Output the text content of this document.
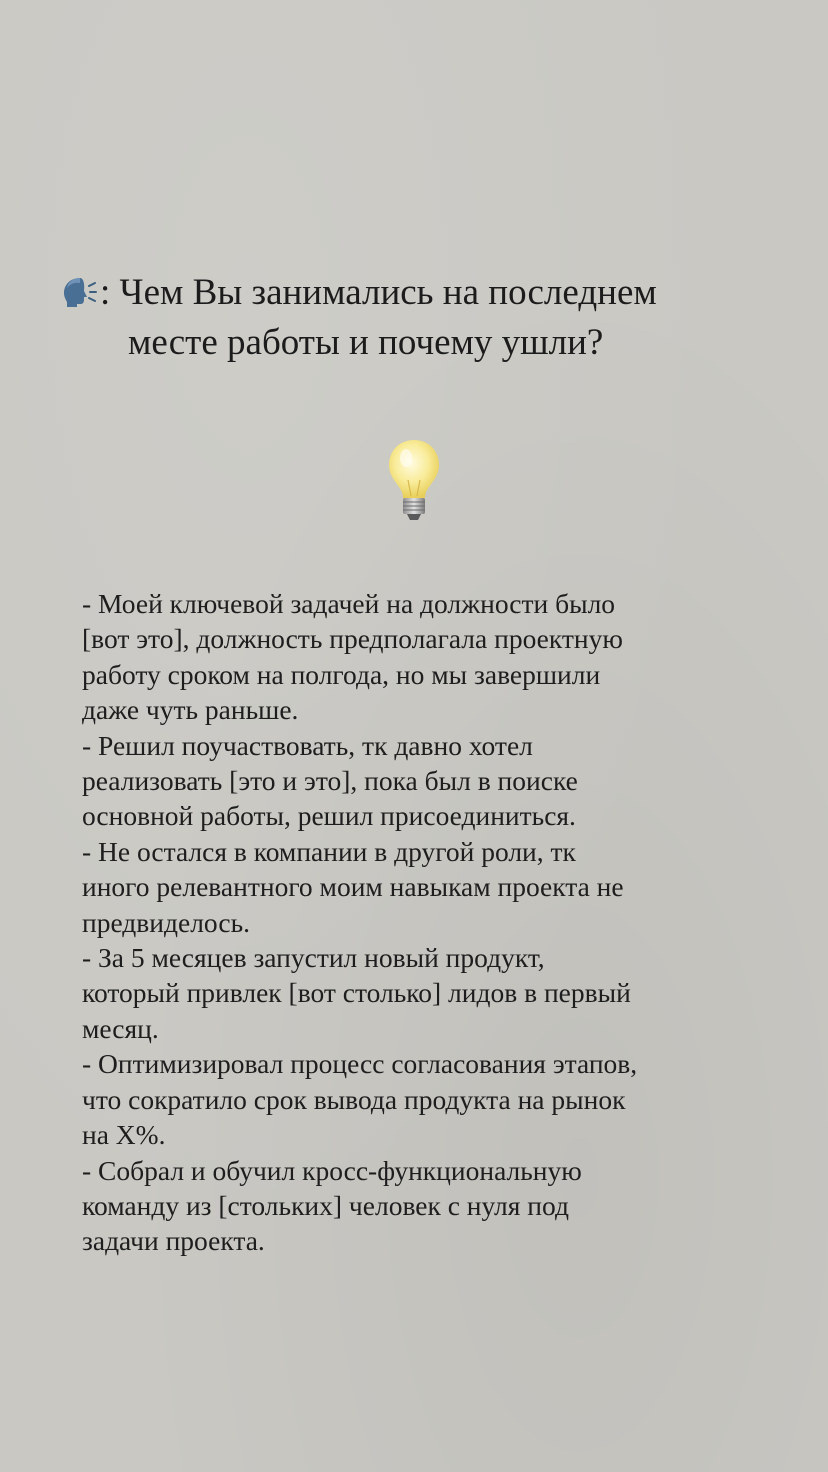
: Чем Вы занимались на последнем
месте работы и почему ушли?
- Моей ключевой задачей на должности было
[вот это], должность предполагала проектную
работу сроком на полгода, но мы завершили
даже чуть раньше.
- Решил поучаствовать, тк давно хотел
реализовать [это и это], пока был в поиске
основной работы, решил присоединиться.
- Не остался в компании в другой роли, тк
иного релевантного моим навыкам проекта не
предвиделось.
- За 5 месяцев запустил новый продукт,
который привлек [вот столько] лидов в первый
месяц.
- Оптимизировал процесс согласования этапов,
что сократило срок вывода продукта на рынок
на Х%.
- Собрал и обучил кросс-функциональную
команду из [стольких] человек с нуля под
задачи проекта.
